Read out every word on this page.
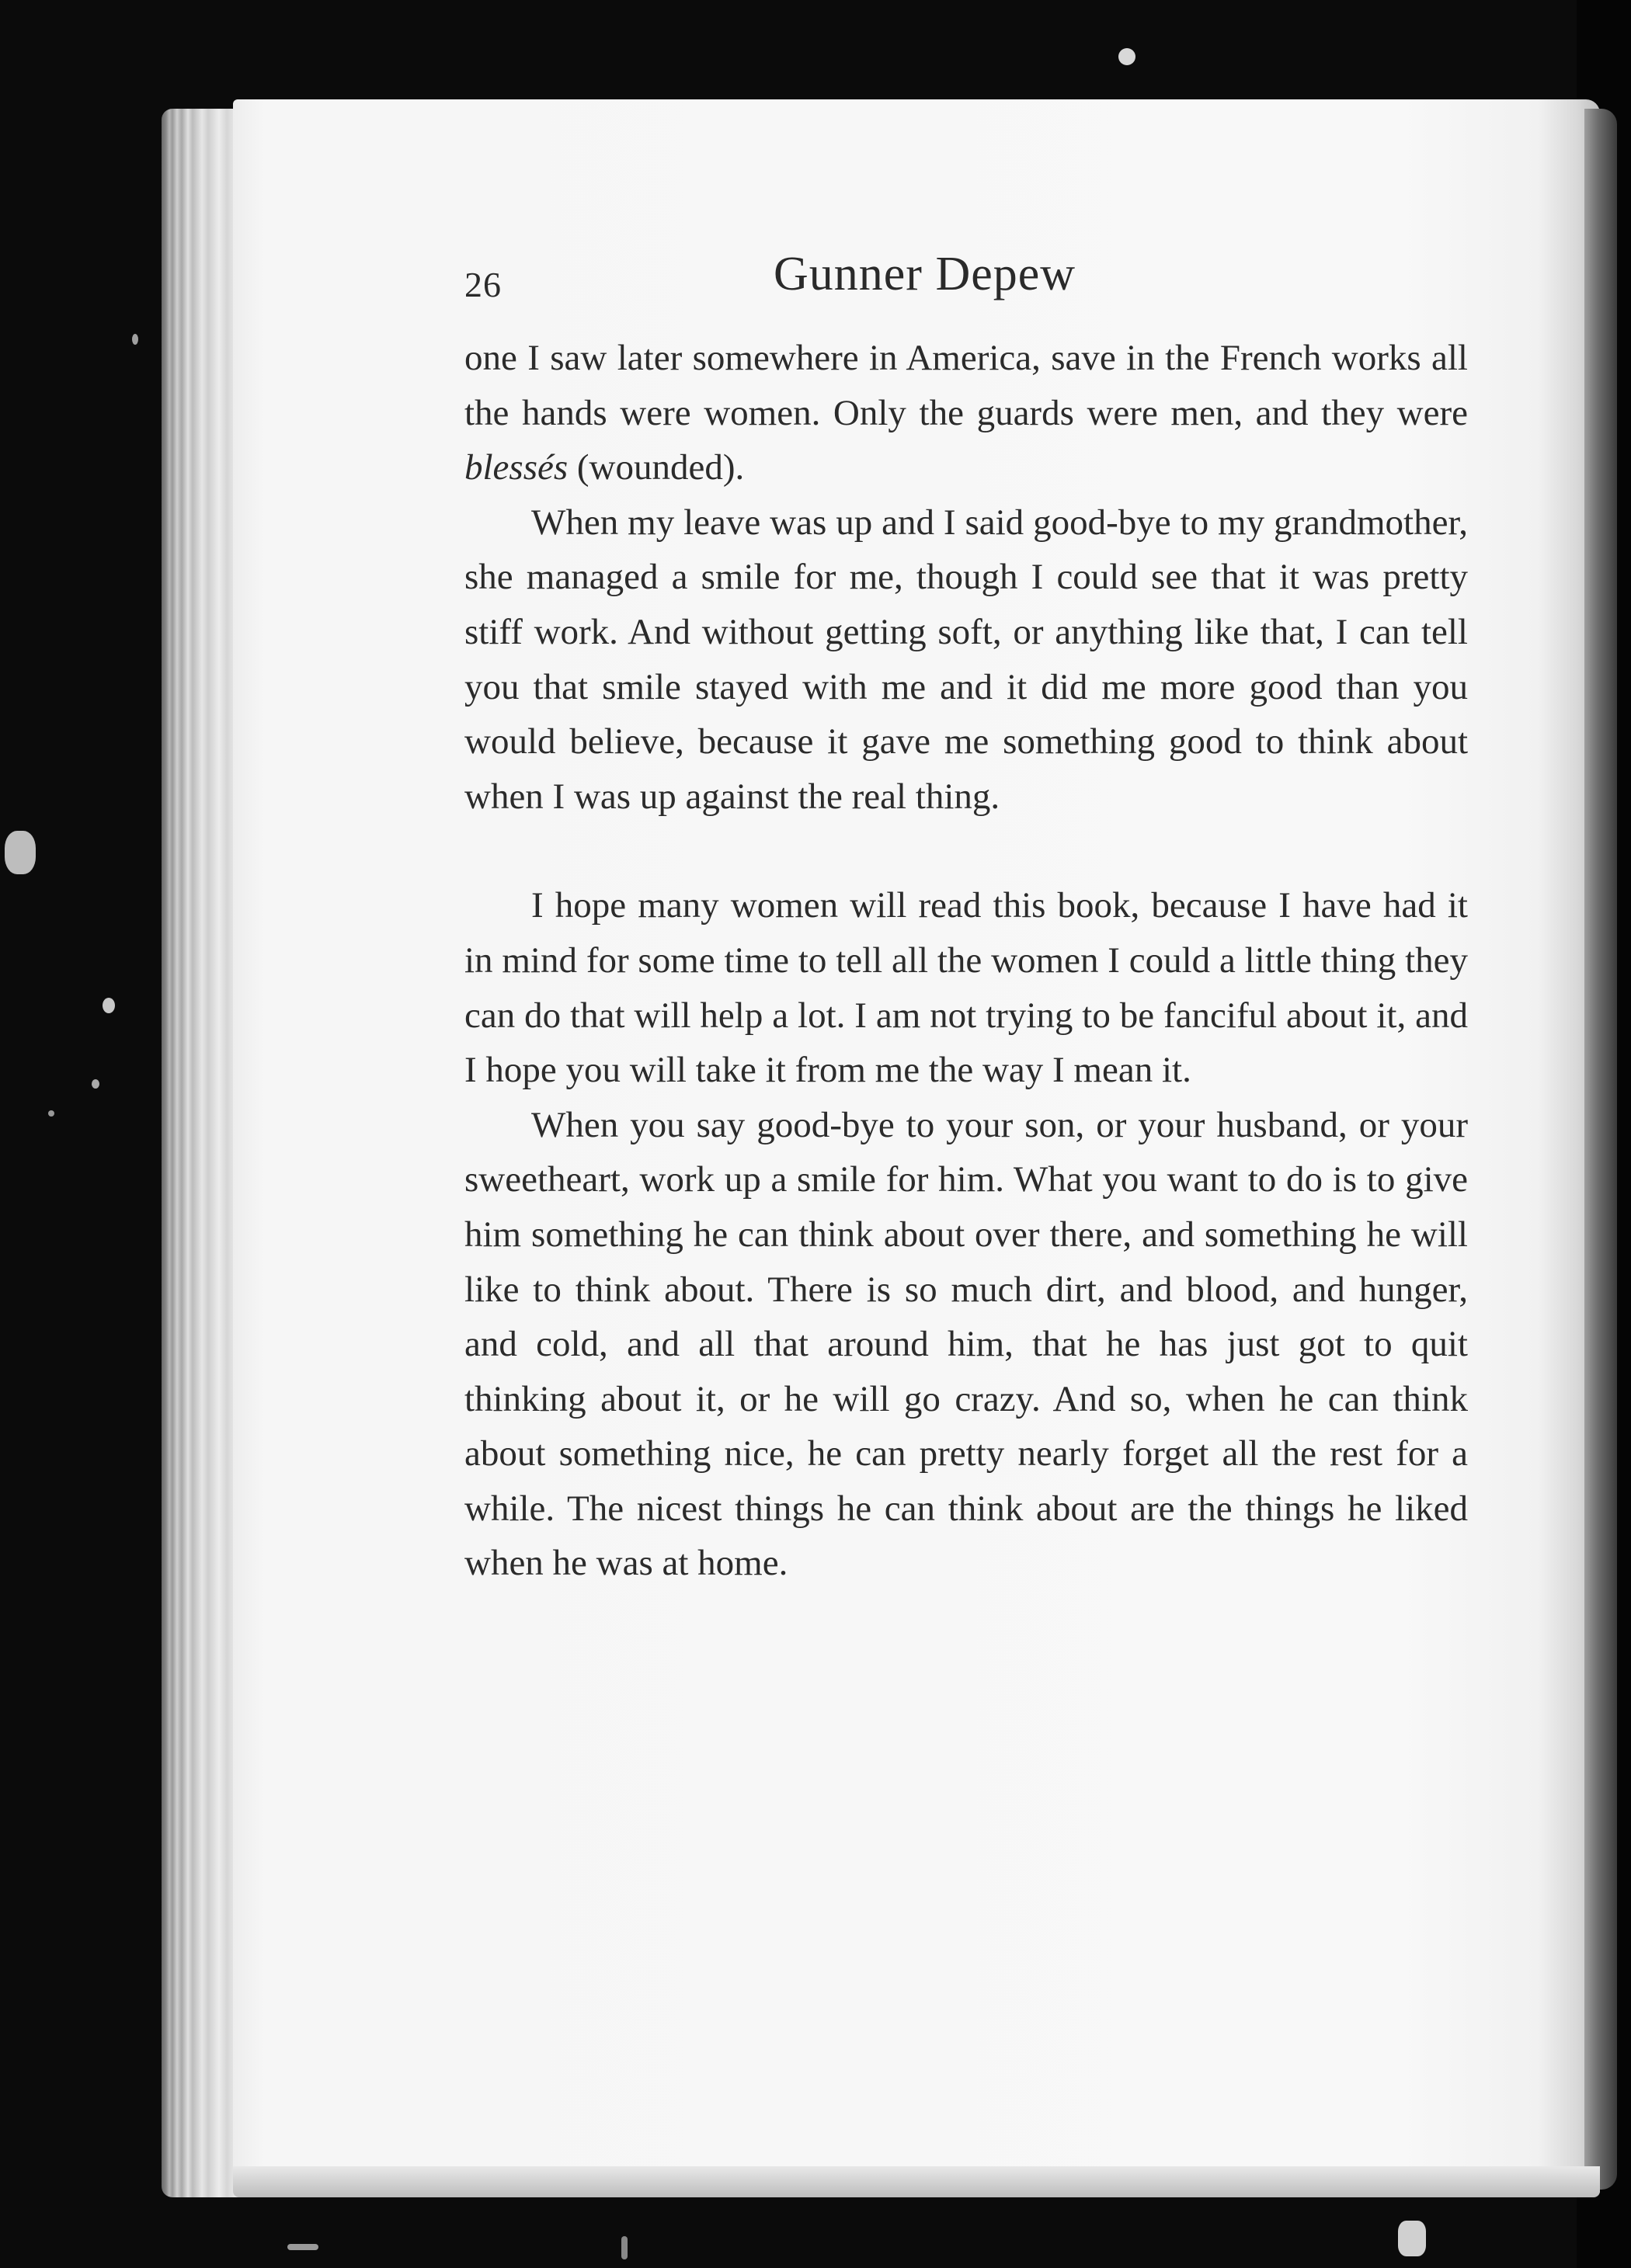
26	Gunner Depew

one I saw later somewhere in America, save in the French works all the hands were women. Only the guards were men, and they were blessés (wounded).

When my leave was up and I said good-bye to my grandmother, she managed a smile for me, though I could see that it was pretty stiff work. And without getting soft, or anything like that, I can tell you that smile stayed with me and it did me more good than you would believe, because it gave me something good to think about when I was up against the real thing.

I hope many women will read this book, because I have had it in mind for some time to tell all the women I could a little thing they can do that will help a lot. I am not trying to be fanciful about it, and I hope you will take it from me the way I mean it.

When you say good-bye to your son, or your husband, or your sweetheart, work up a smile for him. What you want to do is to give him something he can think about over there, and something he will like to think about. There is so much dirt, and blood, and hunger, and cold, and all that around him, that he has just got to quit thinking about it, or he will go crazy. And so, when he can think about something nice, he can pretty nearly forget all the rest for a while. The nicest things he can think about are the things he liked when he was at home.
